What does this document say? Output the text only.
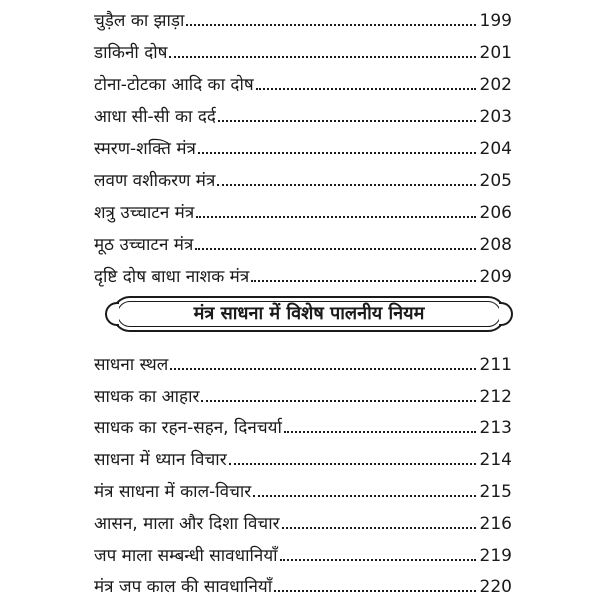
चुड़ैल का झाड़ा	199
डाकिनी दोष	201
टोना-टोटका आदि का दोष	202
आधा सी-सी का दर्द	203
स्मरण-शक्ति मंत्र	204
लवण वशीकरण मंत्र	205
शत्रु उच्चाटन मंत्र	206
मूठ उच्चाटन मंत्र	208
दृष्टि दोष बाधा नाशक मंत्र	209
मंत्र साधना में विशेष पालनीय नियम
साधना स्थल	211
साधक का आहार	212
साधक का रहन-सहन, दिनचर्या	213
साधना में ध्यान विचार	214
मंत्र साधना में काल-विचार	215
आसन, माला और दिशा विचार	216
जप माला सम्बन्धी सावधानियाँ	219
मंत्र जप काल की सावधानियाँ	220
